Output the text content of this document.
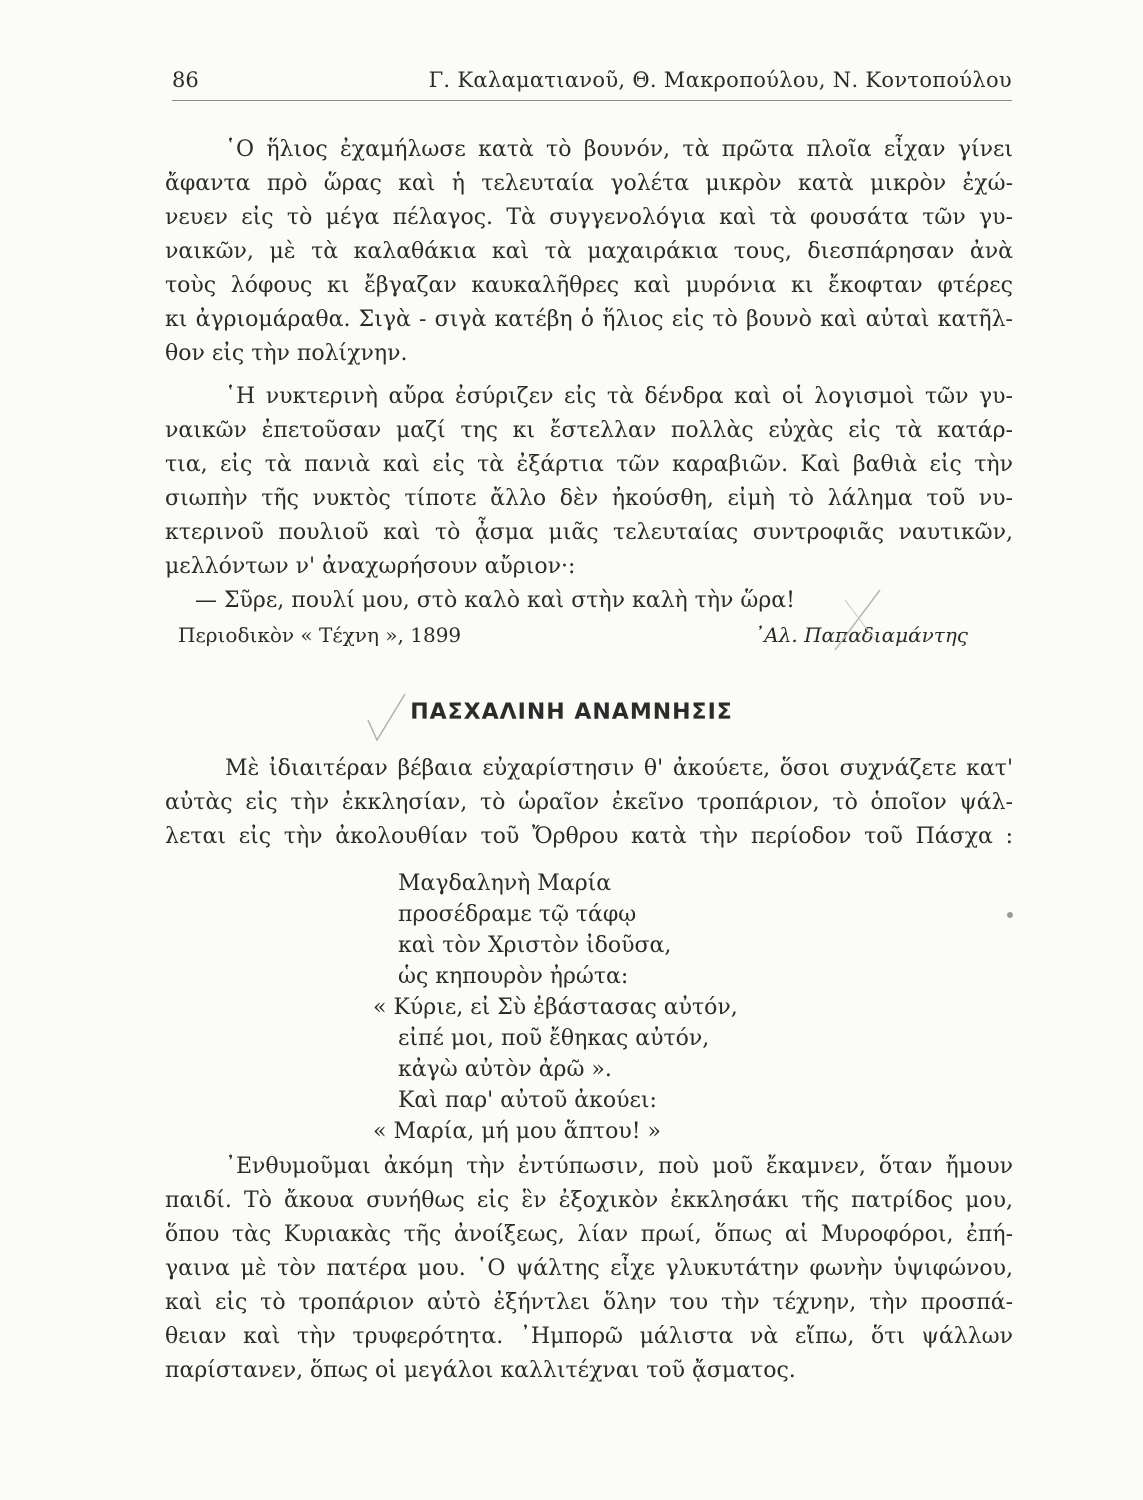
86	Γ. Καλαματιανοῦ, Θ. Μακροπούλου, Ν. Κοντοπούλου
῾Ο ἥλιος ἐχαμήλωσε κατὰ τὸ βουνόν, τὰ πρῶτα πλοῖα εἶχαν γίνει
ἄφαντα πρὸ ὥρας καὶ ἡ τελευταία γολέτα μικρὸν κατὰ μικρὸν ἐχώ-
νευεν εἰς τὸ μέγα πέλαγος. Τὰ συγγενολόγια καὶ τὰ φουσάτα τῶν γυ-
ναικῶν, μὲ τὰ καλαθάκια καὶ τὰ μαχαιράκια τους, διεσπάρησαν ἀνὰ
τοὺς λόφους κι ἔβγαζαν καυκαλῆθρες καὶ μυρόνια κι ἔκοφταν φτέρες
κι ἀγριομάραθα. Σιγὰ - σιγὰ κατέβη ὁ ἥλιος εἰς τὸ βουνὸ καὶ αὐταὶ κατῆλ-
θον εἰς τὴν πολίχνην.
῾Η νυκτερινὴ αὔρα ἐσύριζεν εἰς τὰ δένδρα καὶ οἱ λογισμοὶ τῶν γυ-
ναικῶν ἐπετοῦσαν μαζί της κι ἔστελλαν πολλὰς εὐχὰς εἰς τὰ κατάρ-
τια, εἰς τὰ πανιὰ καὶ εἰς τὰ ἐξάρτια τῶν καραβιῶν. Καὶ βαθιὰ εἰς τὴν
σιωπὴν τῆς νυκτὸς τίποτε ἄλλο δὲν ἠκούσθη, εἰμὴ τὸ λάλημα τοῦ νυ-
κτερινοῦ πουλιοῦ καὶ τὸ ᾆσμα μιᾶς τελευταίας συντροφιᾶς ναυτικῶν,
μελλόντων ν' ἀναχωρήσουν αὔριον·:
— Σῦρε, πουλί μου, στὸ καλὸ καὶ στὴν καλὴ τὴν ὥρα!
Περιοδικὸν « Τέχνη », 1899	᾿Αλ. Παπαδιαμάντης
ΠΑΣΧΑΛΙΝΗ ΑΝΑΜΝΗΣΙΣ
Μὲ ἰδιαιτέραν βέβαια εὐχαρίστησιν θ' ἀκούετε, ὅσοι συχνάζετε κατ'
αὐτὰς εἰς τὴν ἐκκλησίαν, τὸ ὡραῖον ἐκεῖνο τροπάριον, τὸ ὁποῖον ψάλ-
λεται εἰς τὴν ἀκολουθίαν τοῦ Ὄρθρου κατὰ τὴν περίοδον τοῦ Πάσχα :
Μαγδαληνὴ Μαρία
προσέδραμε τῷ τάφῳ
καὶ τὸν Χριστὸν ἰδοῦσα,
ὡς κηπουρὸν ἠρώτα:
« Κύριε, εἰ Σὺ ἐβάστασας αὐτόν,
εἰπέ μοι, ποῦ ἔθηκας αὐτόν,
κἀγὼ αὐτὸν ἀρῶ ».
Καὶ παρ' αὐτοῦ ἀκούει:
« Μαρία, μή μου ἅπτου! »
᾿Ενθυμοῦμαι ἀκόμη τὴν ἐντύπωσιν, ποὺ μοῦ ἔκαμνεν, ὅταν ἤμουν
παιδί. Τὸ ἄκουα συνήθως εἰς ἓν ἐξοχικὸν ἐκκλησάκι τῆς πατρίδος μου,
ὅπου τὰς Κυριακὰς τῆς ἀνοίξεως, λίαν πρωί, ὅπως αἱ Μυροφόροι, ἐπή-
γαινα μὲ τὸν πατέρα μου. ῾Ο ψάλτης εἶχε γλυκυτάτην φωνὴν ὑψιφώνου,
καὶ εἰς τὸ τροπάριον αὐτὸ ἐξήντλει ὅλην του τὴν τέχνην, τὴν προσπά-
θειαν καὶ τὴν τρυφερότητα. ᾿Ημπορῶ μάλιστα νὰ εἴπω, ὅτι ψάλλων
παρίστανεν, ὅπως οἱ μεγάλοι καλλιτέχναι τοῦ ᾄσματος.
